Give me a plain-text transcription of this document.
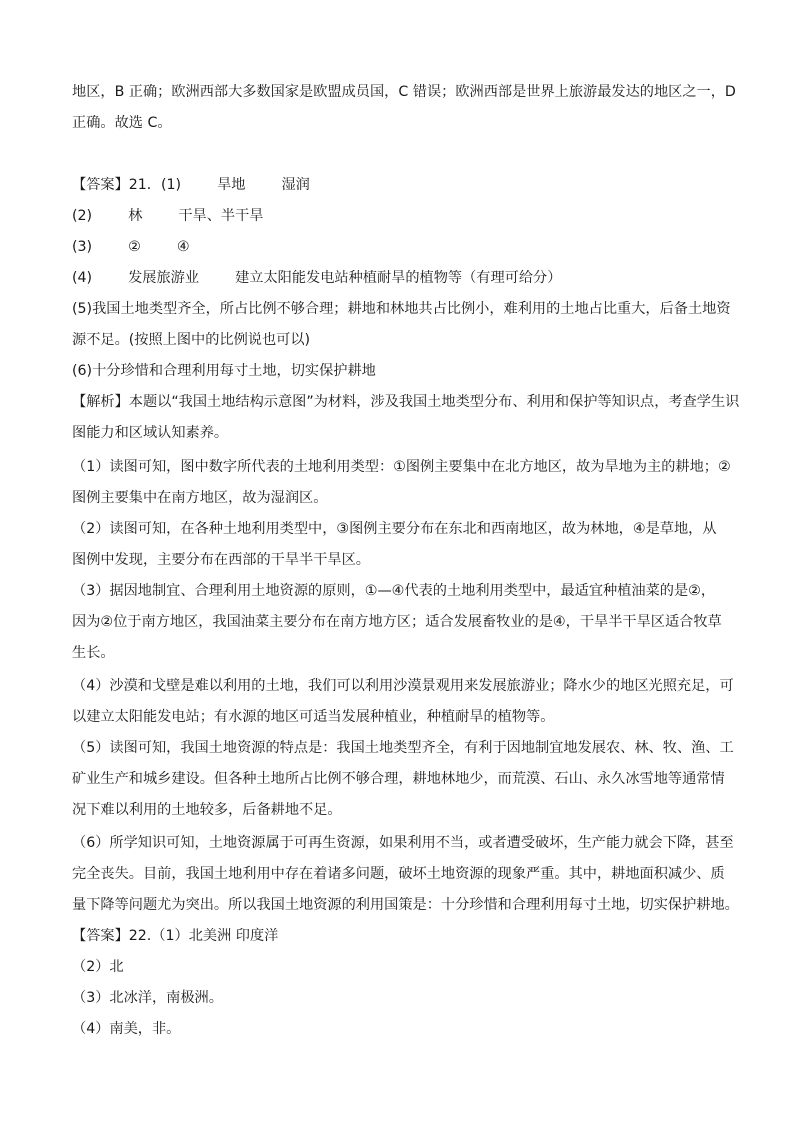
地区，B 正确；欧洲西部大多数国家是欧盟成员国，C 错误；欧洲西部是世界上旅游最发达的地区之一，D
正确。故选 C。
【答案】21．(1)	旱地	湿润
(2)	林	干旱、半干旱
(3)	②	④
(4)	发展旅游业	建立太阳能发电站种植耐旱的植物等（有理可给分）
(5)我国土地类型齐全，所占比例不够合理；耕地和林地共占比例小，难利用的土地占比重大，后备土地资
源不足。(按照上图中的比例说也可以)
(6)十分珍惜和合理利用每寸土地，切实保护耕地
【解析】本题以“我国土地结构示意图”为材料，涉及我国土地类型分布、利用和保护等知识点，考查学生识
图能力和区域认知素养。
（1）读图可知，图中数字所代表的土地利用类型：①图例主要集中在北方地区，故为旱地为主的耕地；②
图例主要集中在南方地区，故为湿润区。
（2）读图可知，在各种土地利用类型中，③图例主要分布在东北和西南地区，故为林地，④是草地，从
图例中发现，主要分布在西部的干旱半干旱区。
（3）据因地制宜、合理利用土地资源的原则，①—④代表的土地利用类型中，最适宜种植油菜的是②，
因为②位于南方地区，我国油菜主要分布在南方地方区；适合发展畜牧业的是④，干旱半干旱区适合牧草
生长。
（4）沙漠和戈壁是难以利用的土地，我们可以利用沙漠景观用来发展旅游业；降水少的地区光照充足，可
以建立太阳能发电站；有水源的地区可适当发展种植业，种植耐旱的植物等。
（5）读图可知，我国土地资源的特点是：我国土地类型齐全，有利于因地制宜地发展农、林、牧、渔、工
矿业生产和城乡建设。但各种土地所占比例不够合理，耕地林地少，而荒漠、石山、永久冰雪地等通常情
况下难以利用的土地较多，后备耕地不足。
（6）所学知识可知，土地资源属于可再生资源，如果利用不当，或者遭受破坏，生产能力就会下降，甚至
完全丧失。目前，我国土地利用中存在着诸多问题，破坏土地资源的现象严重。其中，耕地面积减少、质
量下降等问题尤为突出。所以我国土地资源的利用国策是：十分珍惜和合理利用每寸土地，切实保护耕地。
【答案】22.（1）北美洲 印度洋
（2）北
（3）北冰洋，南极洲。
（4）南美，非。
